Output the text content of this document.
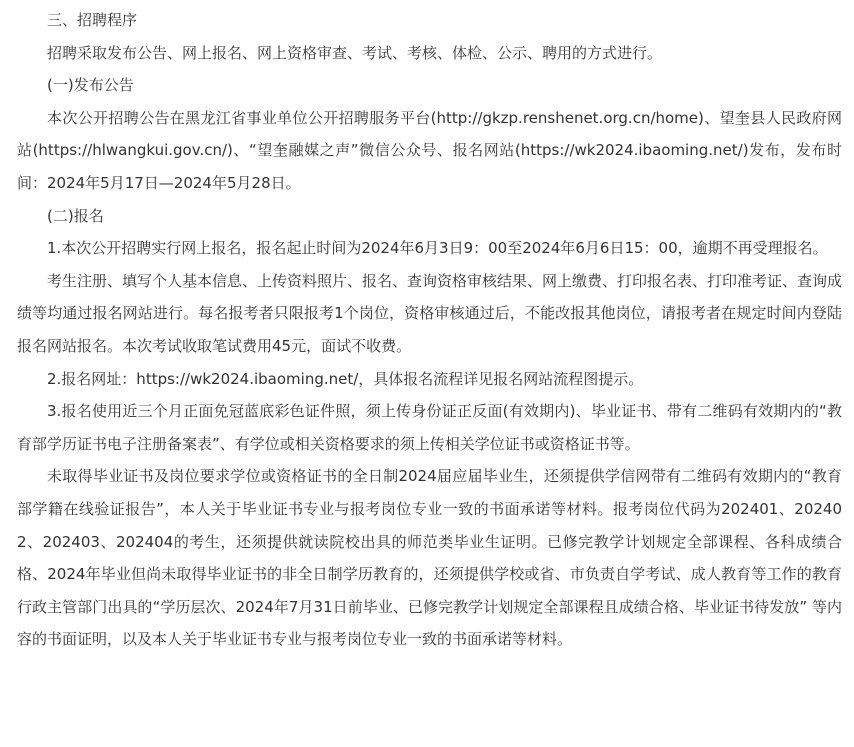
三、招聘程序

招聘采取发布公告、网上报名、网上资格审查、考试、考核、体检、公示、聘用的方式进行。

(一)发布公告

本次公开招聘公告在黑龙江省事业单位公开招聘服务平台(http://gkzp.renshenet.org.cn/home)、望奎县人民政府网站(https://hlwangkui.gov.cn/)、“望奎融媒之声”微信公众号、报名网站(https://wk2024.ibaoming.net/)发布，发布时间：2024年5月17日—2024年5月28日。

(二)报名

1.本次公开招聘实行网上报名，报名起止时间为2024年6月3日9：00至2024年6月6日15：00，逾期不再受理报名。

考生注册、填写个人基本信息、上传资料照片、报名、查询资格审核结果、网上缴费、打印报名表、打印准考证、查询成绩等均通过报名网站进行。每名报考者只限报考1个岗位，资格审核通过后，不能改报其他岗位，请报考者在规定时间内登陆报名网站报名。本次考试收取笔试费用45元，面试不收费。

2.报名网址：https://wk2024.ibaoming.net/，具体报名流程详见报名网站流程图提示。

3.报名使用近三个月正面免冠蓝底彩色证件照，须上传身份证正反面(有效期内)、毕业证书、带有二维码有效期内的“教育部学历证书电子注册备案表”、有学位或相关资格要求的须上传相关学位证书或资格证书等。

未取得毕业证书及岗位要求学位或资格证书的全日制2024届应届毕业生，还须提供学信网带有二维码有效期内的“教育部学籍在线验证报告”，本人关于毕业证书专业与报考岗位专业一致的书面承诺等材料。报考岗位代码为202401、202402、202403、202404的考生，还须提供就读院校出具的师范类毕业生证明。已修完教学计划规定全部课程、各科成绩合格、2024年毕业但尚未取得毕业证书的非全日制学历教育的，还须提供学校或省、市负责自学考试、成人教育等工作的教育行政主管部门出具的“学历层次、2024年7月31日前毕业、已修完教学计划规定全部课程且成绩合格、毕业证书待发放” 等内容的书面证明，以及本人关于毕业证书专业与报考岗位专业一致的书面承诺等材料。
